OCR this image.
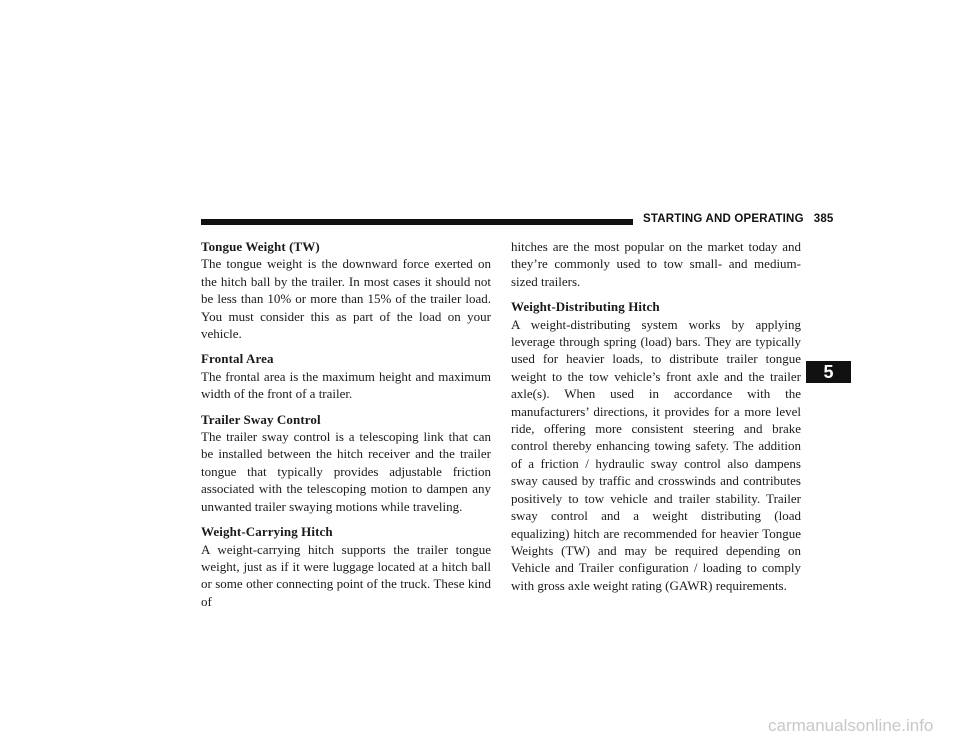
STARTING AND OPERATING 385
Tongue Weight (TW)

The tongue weight is the downward force exerted on the hitch ball by the trailer. In most cases it should not be less than 10% or more than 15% of the trailer load. You must consider this as part of the load on your vehicle.

Frontal Area

The frontal area is the maximum height and maximum width of the front of a trailer.

Trailer Sway Control

The trailer sway control is a telescoping link that can be installed between the hitch receiver and the trailer tongue that typically provides adjustable friction associated with the telescoping motion to dampen any unwanted trailer swaying motions while traveling.

Weight-Carrying Hitch

A weight-carrying hitch supports the trailer tongue weight, just as if it were luggage located at a hitch ball or some other connecting point of the truck. These kind of

hitches are the most popular on the market today and they’re commonly used to tow small- and medium-sized trailers.

Weight-Distributing Hitch

A weight-distributing system works by applying leverage through spring (load) bars. They are typically used for heavier loads, to distribute trailer tongue weight to the tow vehicle’s front axle and the trailer axle(s). When used in accordance with the manufacturers’ directions, it provides for a more level ride, offering more consistent steering and brake control thereby enhancing towing safety. The addition of a friction / hydraulic sway control also dampens sway caused by traffic and crosswinds and contributes positively to tow vehicle and trailer stability. Trailer sway control and a weight distributing (load equalizing) hitch are recommended for heavier Tongue Weights (TW) and may be required depending on Vehicle and Trailer configuration / loading to comply with gross axle weight rating (GAWR) requirements.

5
carmanualsonline.info
